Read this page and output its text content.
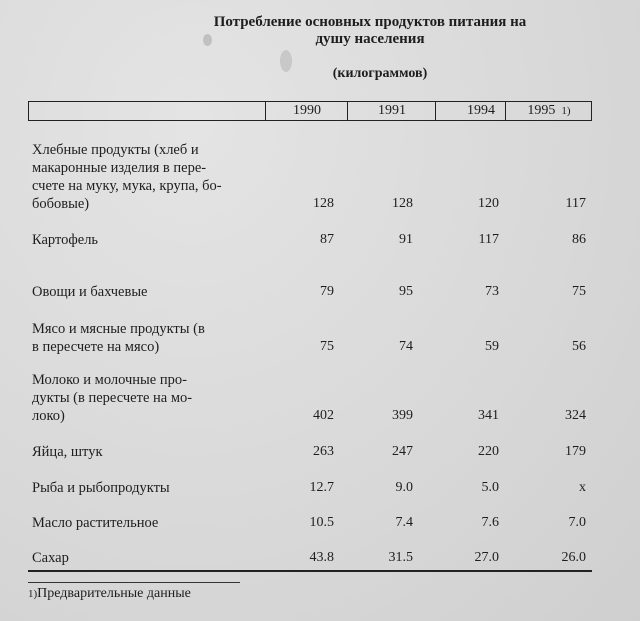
Потребление основных продуктов питания на
душу населения
(килограммов)
1990	1991	1994	1995 1)
Хлебные продукты (хлеб и
макаронные изделия в пере-
счете на муку, мука, крупа, бо-
бобовые)	128	128	120	117
Картофель	87	91	117	86
Овощи и бахчевые	79	95	73	75
Мясо и мясные продукты (в
в пересчете на мясо)	75	74	59	56
Молоко и молочные про-
дукты (в пересчете на мо-
локо)	402	399	341	324
Яйца, штук	263	247	220	179
Рыба и рыбопродукты	12.7	9.0	5.0	x
Масло растительное	10.5	7.4	7.6	7.0
Сахар	43.8	31.5	27.0	26.0
1)Предварительные данные
